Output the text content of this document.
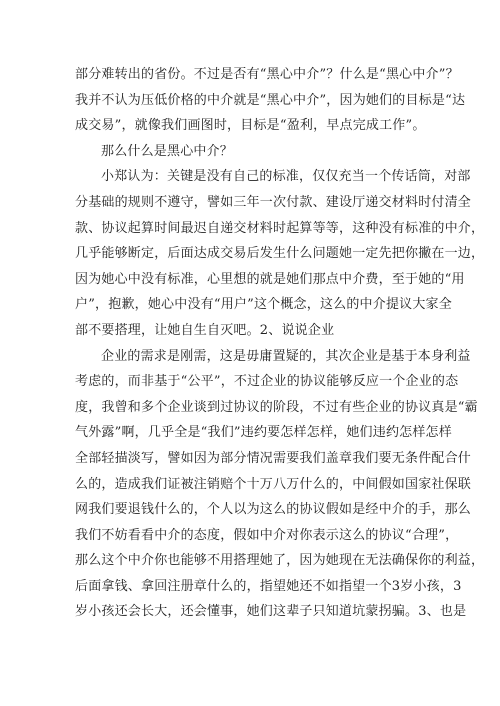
部分难转出的省份。不过是否有“黑心中介”？什么是“黑心中介”？
我并不认为压低价格的中介就是“黑心中介”，因为她们的目标是“达
成交易”，就像我们画图时，目标是“盈利，早点完成工作”。
那么什么是黑心中介？
小郑认为：关键是没有自己的标准，仅仅充当一个传话筒，对部
分基础的规则不遵守，譬如三年一次付款、建设厅递交材料时付清全
款、协议起算时间最迟自递交材料时起算等等，这种没有标准的中介，
几乎能够断定，后面达成交易后发生什么问题她一定先把你撇在一边，
因为她心中没有标准，心里想的就是她们那点中介费，至于她的“用
户”，抱歉，她心中没有“用户”这个概念，这么的中介提议大家全
部不要搭理，让她自生自灭吧。2、说说企业
企业的需求是刚需，这是毋庸置疑的，其次企业是基于本身利益
考虑的，而非基于“公平”，不过企业的协议能够反应一个企业的态
度，我曾和多个企业谈到过协议的阶段，不过有些企业的协议真是“霸
气外露”啊，几乎全是“我们”违约要怎样怎样，她们违约怎样怎样
全部轻描淡写，譬如因为部分情况需要我们盖章我们要无条件配合什
么的，造成我们证被注销赔个十万八万什么的，中间假如国家社保联
网我们要退钱什么的，个人以为这么的协议假如是经中介的手，那么
我们不妨看看中介的态度，假如中介对你表示这么的协议“合理”，
那么这个中介你也能够不用搭理她了，因为她现在无法确保你的利益，
后面拿钱、拿回注册章什么的，指望她还不如指望一个3岁小孩，3
岁小孩还会长大，还会懂事，她们这辈子只知道坑蒙拐骗。3、也是
